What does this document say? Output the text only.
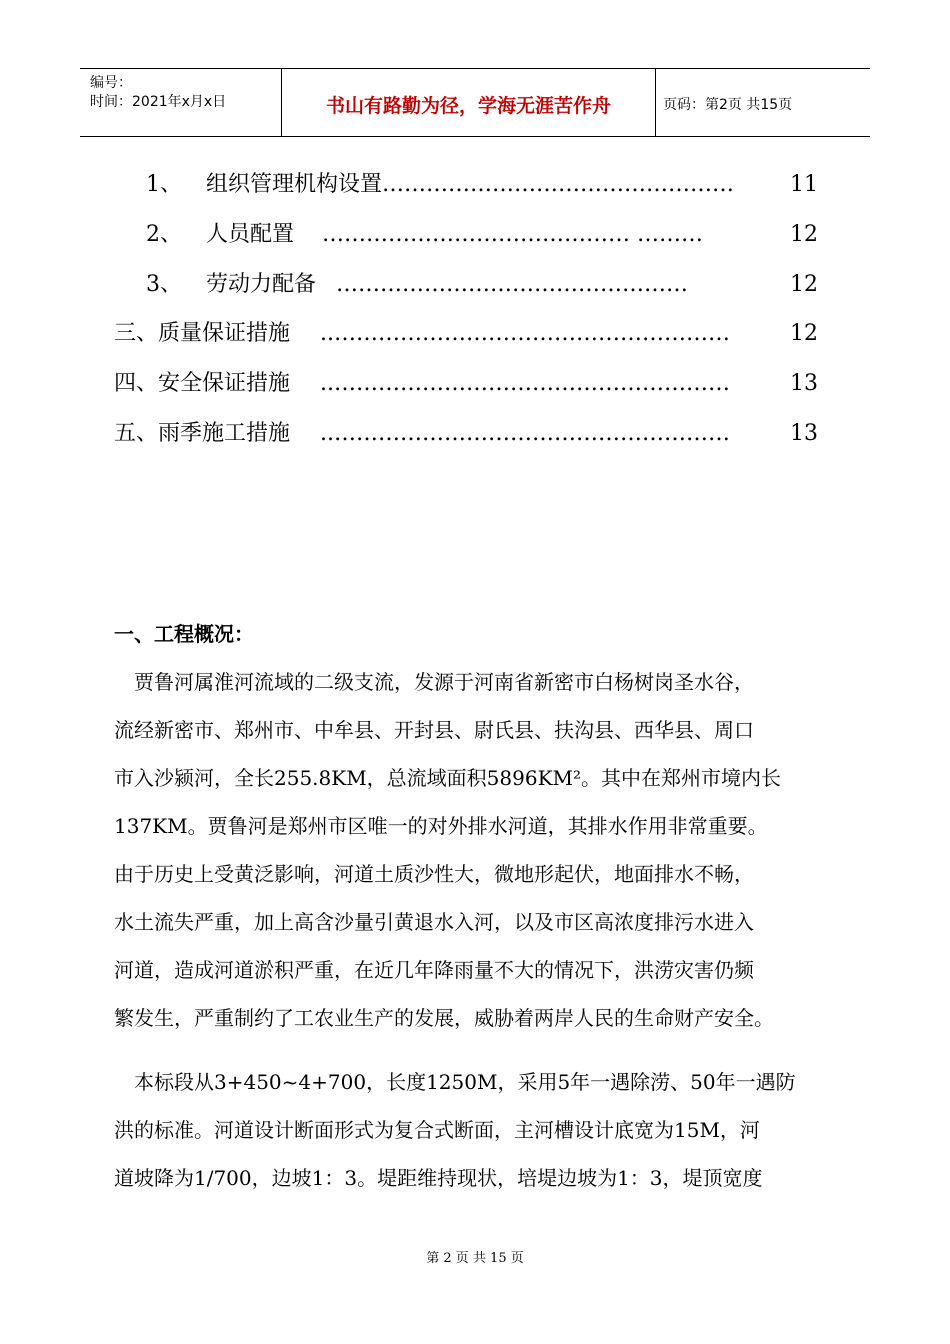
编号：
时间：2021年x月x日	书山有路勤为径，学海无涯苦作舟	页码：第2页 共15页
1、 组织管理机构设置 …………………………………………	11
2、 人员配置 …………………………………… ………	12
3、 劳动力配备 …………………………………………	12
三、质量保证措施 ..………………………………………………	12
四、安全保证措施 ..………………………………………………	13
五、雨季施工措施 ..………………………………………………	13
一、工程概况：
　贾鲁河属淮河流域的二级支流，发源于河南省新密市白杨树岗圣水谷，
流经新密市、郑州市、中牟县、开封县、尉氏县、扶沟县、西华县、周口
市入沙颍河，全长255.8KM，总流域面积5896KM²。其中在郑州市境内长
137KM。贾鲁河是郑州市区唯一的对外排水河道，其排水作用非常重要。
由于历史上受黄泛影响，河道土质沙性大，微地形起伏，地面排水不畅，
水土流失严重，加上高含沙量引黄退水入河，以及市区高浓度排污水进入
河道，造成河道淤积严重，在近几年降雨量不大的情况下，洪涝灾害仍频
繁发生，严重制约了工农业生产的发展，威胁着两岸人民的生命财产安全。
　本标段从3+450~4+700，长度1250M，采用5年一遇除涝、50年一遇防
洪的标准。河道设计断面形式为复合式断面，主河槽设计底宽为15M，河
道坡降为1/700，边坡1：3。堤距维持现状，培堤边坡为1：3，堤顶宽度
第 2 页 共 15 页
